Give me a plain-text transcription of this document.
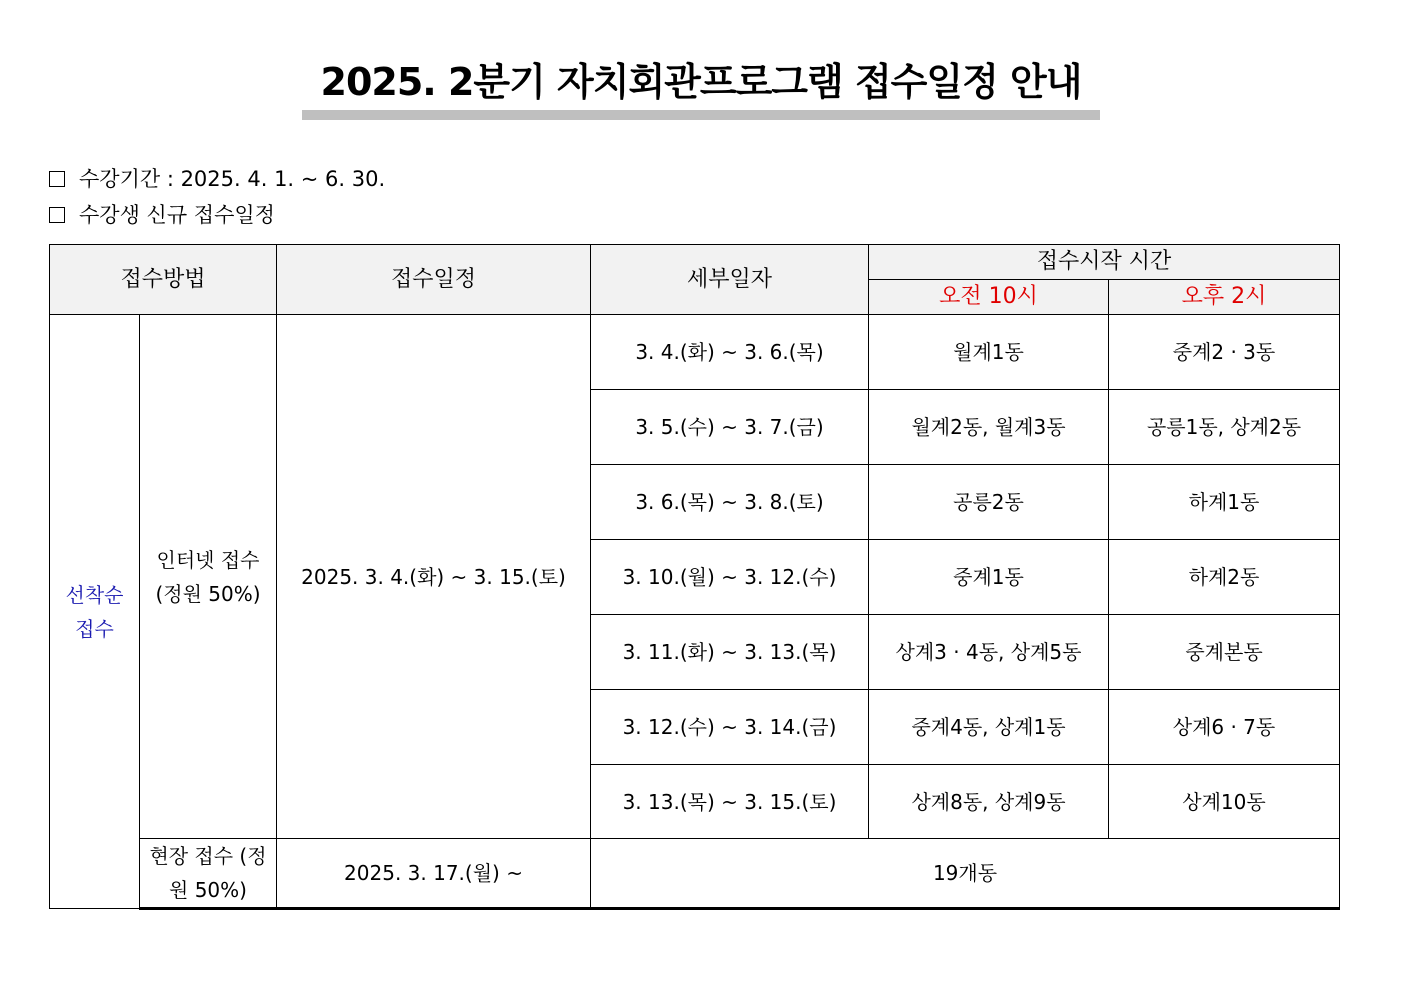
2025. 2분기 자치회관프로그램 접수일정 안내
수강기간 : 2025. 4. 1. ~ 6. 30.
수강생 신규 접수일정
접수방법		접수일정	세부일자	접수시작 시간	
				오전 10시	오후 2시
선착순 접수	인터넷 접수 (정원 50%)	2025. 3. 4.(화) ~ 3. 15.(토)	3. 4.(화) ~ 3. 6.(목)	월계1동	중계2 · 3동
			3. 5.(수) ~ 3. 7.(금)	월계2동, 월계3동	공릉1동, 상계2동
			3. 6.(목) ~ 3. 8.(토)	공릉2동	하계1동
			3. 10.(월) ~ 3. 12.(수)	중계1동	하계2동
			3. 11.(화) ~ 3. 13.(목)	상계3 · 4동, 상계5동	중계본동
			3. 12.(수) ~ 3. 14.(금)	중계4동, 상계1동	상계6 · 7동
			3. 13.(목) ~ 3. 15.(토)	상계8동, 상계9동	상계10동
	현장 접수 (정원 50%)	2025. 3. 17.(월) ~	19개동		
